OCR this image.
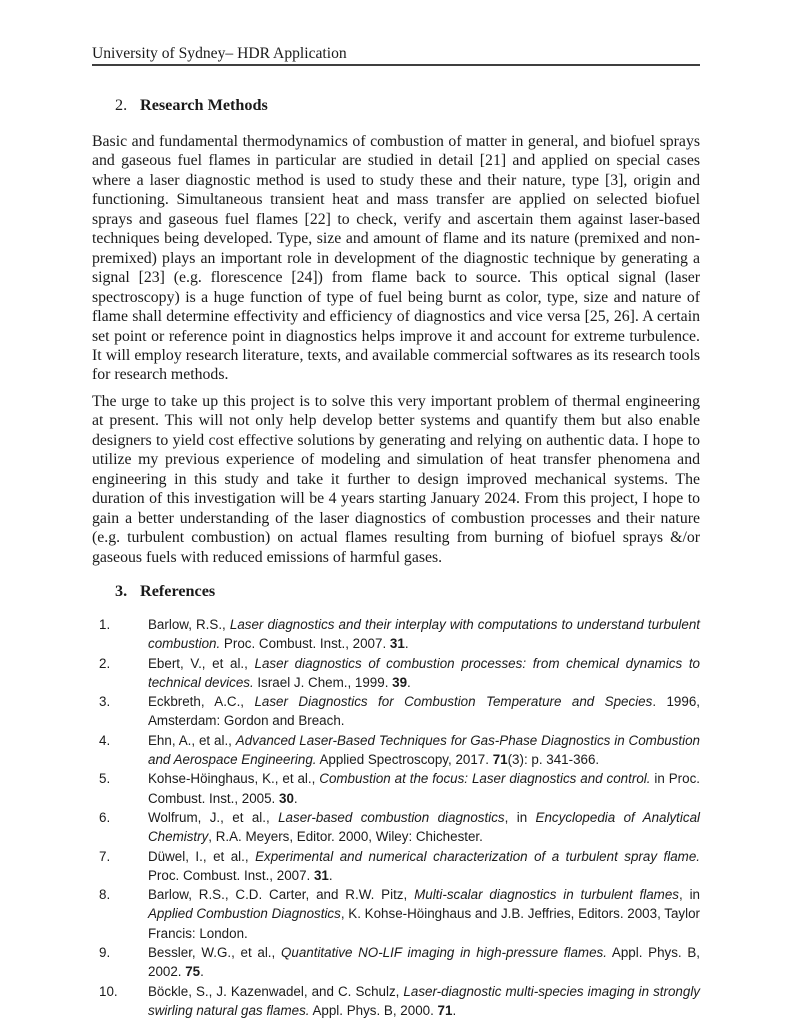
University of Sydney– HDR Application
2. Research Methods

Basic and fundamental thermodynamics of combustion of matter in general, and biofuel sprays and gaseous fuel flames in particular are studied in detail [21] and applied on special cases where a laser diagnostic method is used to study these and their nature, type [3], origin and functioning. Simultaneous transient heat and mass transfer are applied on selected biofuel sprays and gaseous fuel flames [22] to check, verify and ascertain them against laser-based techniques being developed. Type, size and amount of flame and its nature (premixed and non-premixed) plays an important role in development of the diagnostic technique by generating a signal [23] (e.g. florescence [24]) from flame back to source. This optical signal (laser spectroscopy) is a huge function of type of fuel being burnt as color, type, size and nature of flame shall determine effectivity and efficiency of diagnostics and vice versa [25, 26]. A certain set point or reference point in diagnostics helps improve it and account for extreme turbulence. It will employ research literature, texts, and available commercial softwares as its research tools for research methods.

The urge to take up this project is to solve this very important problem of thermal engineering at present. This will not only help develop better systems and quantify them but also enable designers to yield cost effective solutions by generating and relying on authentic data. I hope to utilize my previous experience of modeling and simulation of heat transfer phenomena and engineering in this study and take it further to design improved mechanical systems. The duration of this investigation will be 4 years starting January 2024. From this project, I hope to gain a better understanding of the laser diagnostics of combustion processes and their nature (e.g. turbulent combustion) on actual flames resulting from burning of biofuel sprays &/or gaseous fuels with reduced emissions of harmful gases.

3. References
1.	Barlow, R.S., Laser diagnostics and their interplay with computations to understand turbulent combustion. Proc. Combust. Inst., 2007. 31.
2.	Ebert, V., et al., Laser diagnostics of combustion processes: from chemical dynamics to technical devices. Israel J. Chem., 1999. 39.
3.	Eckbreth, A.C., Laser Diagnostics for Combustion Temperature and Species. 1996, Amsterdam: Gordon and Breach.
4.	Ehn, A., et al., Advanced Laser-Based Techniques for Gas-Phase Diagnostics in Combustion and Aerospace Engineering. Applied Spectroscopy, 2017. 71(3): p. 341-366.
5.	Kohse-Höinghaus, K., et al., Combustion at the focus: Laser diagnostics and control. in Proc. Combust. Inst., 2005. 30.
6.	Wolfrum, J., et al., Laser-based combustion diagnostics, in Encyclopedia of Analytical Chemistry, R.A. Meyers, Editor. 2000, Wiley: Chichester.
7.	Düwel, I., et al., Experimental and numerical characterization of a turbulent spray flame. Proc. Combust. Inst., 2007. 31.
8.	Barlow, R.S., C.D. Carter, and R.W. Pitz, Multi-scalar diagnostics in turbulent flames, in Applied Combustion Diagnostics, K. Kohse-Höinghaus and J.B. Jeffries, Editors. 2003, Taylor Francis: London.
9.	Bessler, W.G., et al., Quantitative NO-LIF imaging in high-pressure flames. Appl. Phys. B, 2002. 75.
10.	Böckle, S., J. Kazenwadel, and C. Schulz, Laser-diagnostic multi-species imaging in strongly swirling natural gas flames. Appl. Phys. B, 2000. 71.
